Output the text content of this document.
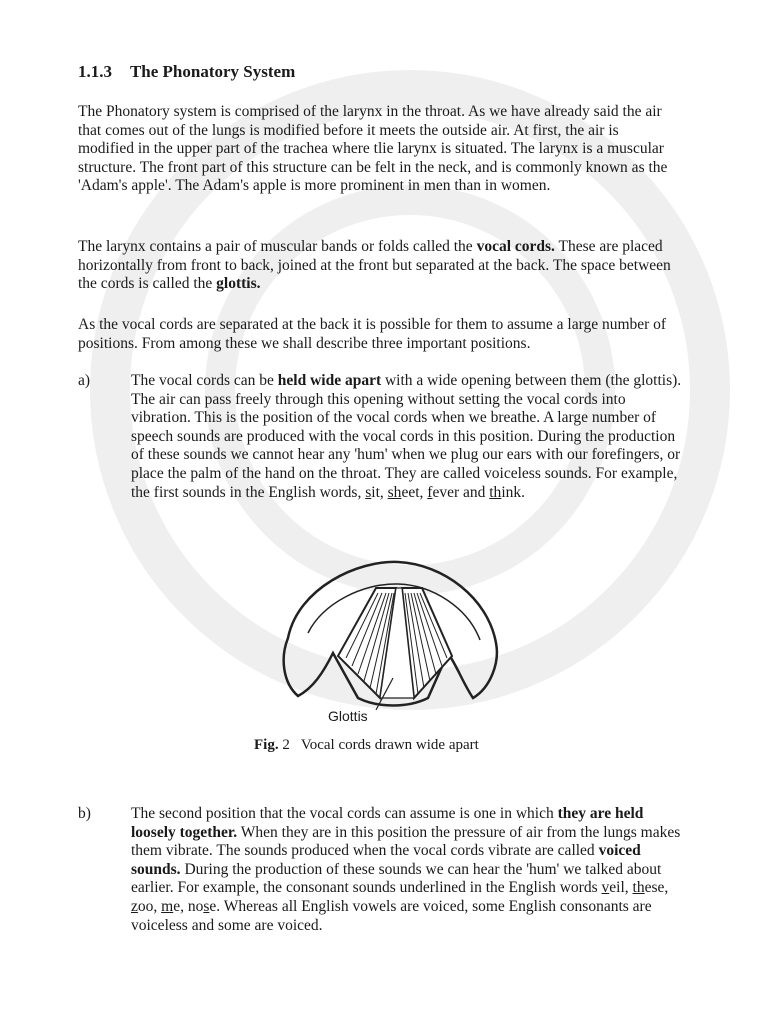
1.1.3 The Phonatory System

The Phonatory system is comprised of the larynx in the throat. As we have already said the air that comes out of the lungs is modified before it meets the outside air. At first, the air is modified in the upper part of the trachea where tlie larynx is situated. The larynx is a muscular structure. The front part of this structure can be felt in the neck, and is commonly known as the 'Adam's apple'. The Adam's apple is more prominent in men than in women.

The larynx contains a pair of muscular bands or folds called the vocal cords. These are placed horizontally from front to back, joined at the front but separated at the back. The space between the cords is called the glottis.

As the vocal cords are separated at the back it is possible for them to assume a large number of positions. From among these we shall describe three important positions.

a)	The vocal cords can be held wide apart with a wide opening between them (the glottis). The air can pass freely through this opening without setting the vocal cords into vibration. This is the position of the vocal cords when we breathe. A large number of speech sounds are produced with the vocal cords in this position. During the production of these sounds we cannot hear any 'hum' when we plug our ears with our forefingers, or place the palm of the hand on the throat. They are called voiceless sounds. For example, the first sounds in the English words, sit, sheet, fever and think.
Glottis
Fig. 2 Vocal cords drawn wide apart
b)	The second position that the vocal cords can assume is one in which they are held loosely together. When they are in this position the pressure of air from the lungs makes them vibrate. The sounds produced when the vocal cords vibrate are called voiced sounds. During the production of these sounds we can hear the 'hum' we talked about earlier. For example, the consonant sounds underlined in the English words veil, these, zoo, me, nose. Whereas all English vowels are voiced, some English consonants are voiceless and some are voiced.
